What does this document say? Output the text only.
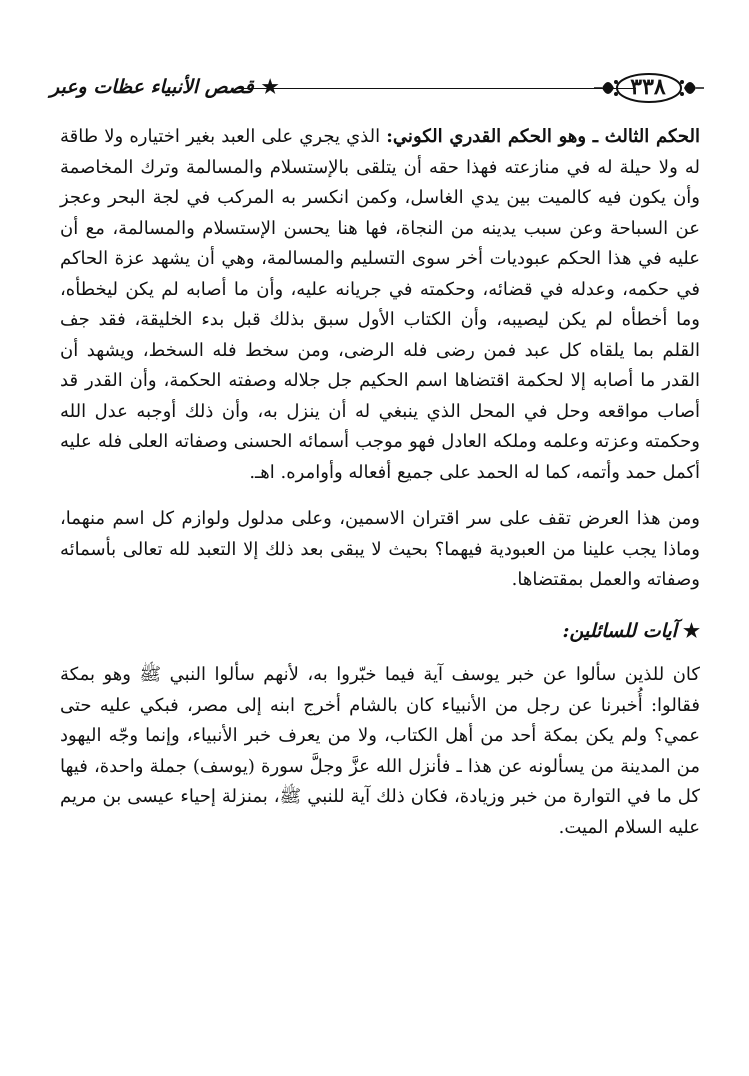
٣٣٨
★قصص الأنبياء عظات وعبر

الحكم الثالث ـ وهو الحكم القدري الكوني: الذي يجري على العبد بغير اختياره ولا طاقة له ولا حيلة له في منازعته فهذا حقه أن يتلقى بالإستسلام والمسالمة وترك المخاصمة وأن يكون فيه كالميت بين يدي الغاسل، وكمن انكسر به المركب في لجة البحر وعجز عن السباحة وعن سبب يدينه من النجاة، فها هنا يحسن الإستسلام والمسالمة، مع أن عليه في هذا الحكم عبوديات أخر سوى التسليم والمسالمة، وهي أن يشهد عزة الحاكم في حكمه، وعدله في قضائه، وحكمته في جريانه عليه، وأن ما أصابه لم يكن ليخطأه، وما أخطأه لم يكن ليصيبه، وأن الكتاب الأول سبق بذلك قبل بدء الخليقة، فقد جف القلم بما يلقاه كل عبد فمن رضى فله الرضى، ومن سخط فله السخط، ويشهد أن القدر ما أصابه إلا لحكمة اقتضاها اسم الحكيم جل جلاله وصفته الحكمة، وأن القدر قد أصاب مواقعه وحل في المحل الذي ينبغي له أن ينزل به، وأن ذلك أوجبه عدل الله وحكمته وعزته وعلمه وملكه العادل فهو موجب أسمائه الحسنى وصفاته العلى فله عليه أكمل حمد وأتمه، كما له الحمد على جميع أفعاله وأوامره. اهـ.

ومن هذا العرض تقف على سر اقتران الاسمين، وعلى مدلول ولوازم كل اسم منهما، وماذا يجب علينا من العبودية فيهما؟ بحيث لا يبقى بعد ذلك إلا التعبد لله تعالى بأسمائه وصفاته والعمل بمقتضاها.

★آيات للسائلين:

كان للذين سألوا عن خبر يوسف آية فيما خبّروا به، لأنهم سألوا النبي ﷺ وهو بمكة فقالوا: أُخبرنا عن رجل من الأنبياء كان بالشام أخرج ابنه إلى مصر، فبكي عليه حتى عمي؟ ولم يكن بمكة أحد من أهل الكتاب، ولا من يعرف خبر الأنبياء، وإنما وجّه اليهود من المدينة من يسألونه عن هذا ـ فأنزل الله عزَّ وجلَّ سورة (يوسف) جملة واحدة، فيها كل ما في التوارة من خبر وزيادة، فكان ذلك آية للنبي ﷺ، بمنزلة إحياء عيسى بن مريم عليه السلام الميت.
